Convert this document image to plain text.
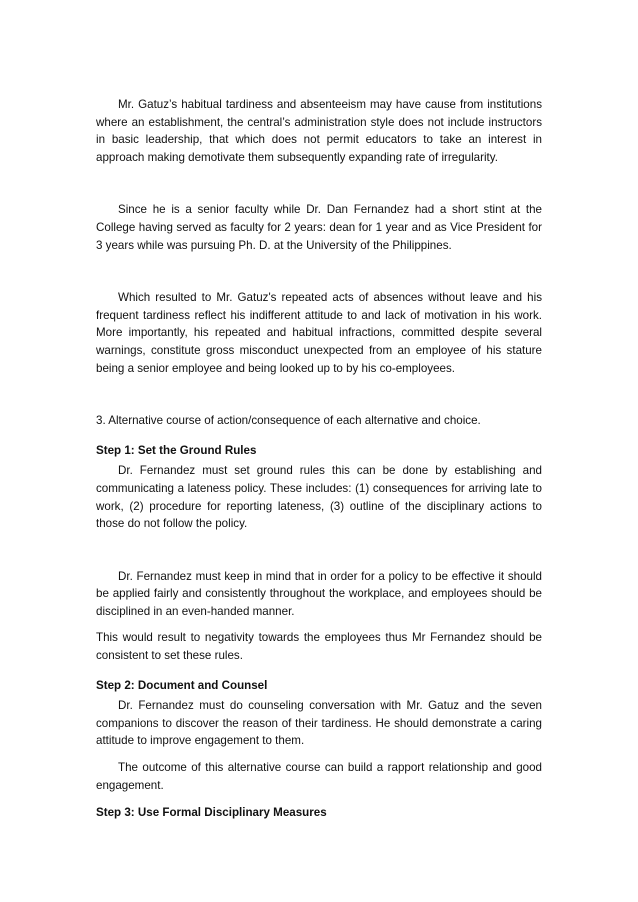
Mr. Gatuz’s habitual tardiness and absenteeism may have cause from institutions where an establishment, the central’s administration style does not include instructors in basic leadership, that which does not permit educators to take an interest in approach making demotivate them subsequently expanding rate of irregularity.

Since he is a senior faculty while Dr. Dan Fernandez had a short stint at the College having served as faculty for 2 years: dean for 1 year and as Vice President for 3 years while was pursuing Ph. D. at the University of the Philippines.

Which resulted to Mr. Gatuz's repeated acts of absences without leave and his frequent tardiness reflect his indifferent attitude to and lack of motivation in his work. More importantly, his repeated and habitual infractions, committed despite several warnings, constitute gross misconduct unexpected from an employee of his stature being a senior employee and being looked up to by his co-employees.

3. Alternative course of action/consequence of each alternative and choice.

Step 1: Set the Ground Rules

Dr. Fernandez must set ground rules this can be done by establishing and communicating a lateness policy. These includes: (1) consequences for arriving late to work, (2) procedure for reporting lateness, (3) outline of the disciplinary actions to those do not follow the policy.

Dr. Fernandez must keep in mind that in order for a policy to be effective it should be applied fairly and consistently throughout the workplace, and employees should be disciplined in an even-handed manner.

This would result to negativity towards the employees thus Mr Fernandez should be consistent to set these rules.

Step 2: Document and Counsel

Dr. Fernandez must do counseling conversation with Mr. Gatuz and the seven companions to discover the reason of their tardiness. He should demonstrate a caring attitude to improve engagement to them.

The outcome of this alternative course can build a rapport relationship and good engagement.

Step 3: Use Formal Disciplinary Measures
